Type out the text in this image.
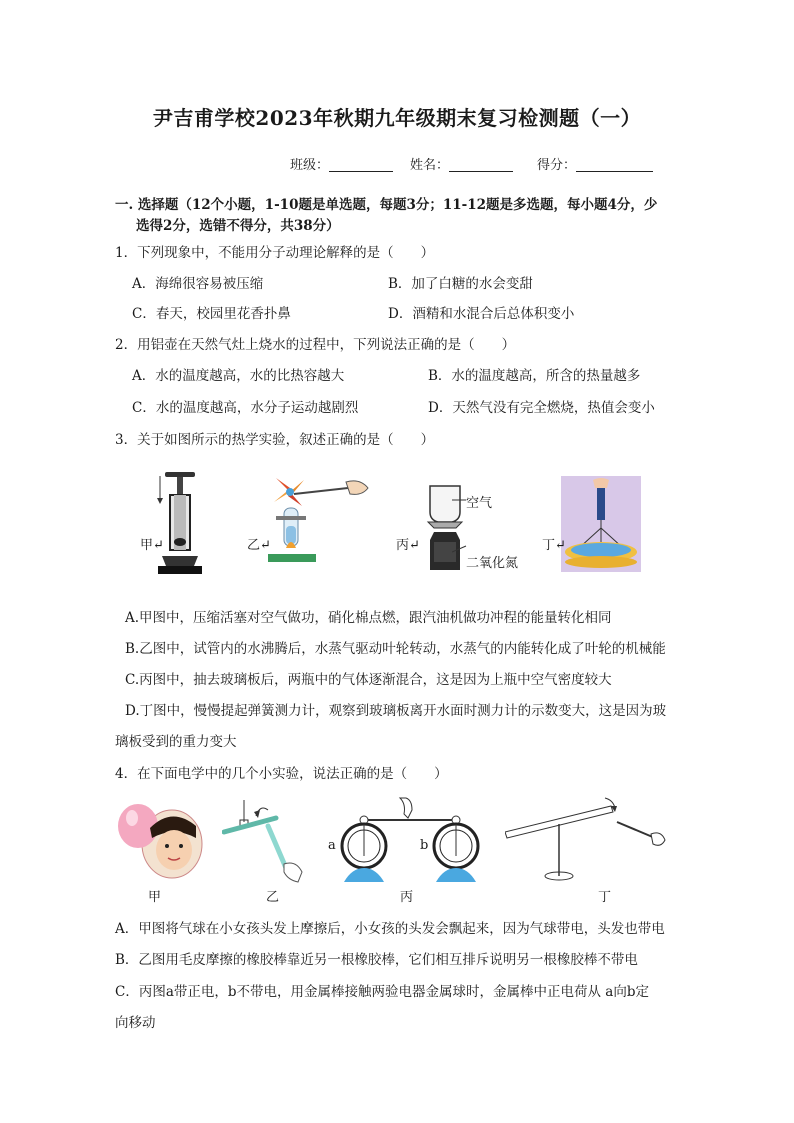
尹吉甫学校2023年秋期九年级期末复习检测题（一）
班级：	姓名：	得分：
一. 选择题（12个小题，1-10题是单选题，每题3分；11-12题是多选题，每小题4分，少
选得2分，选错不得分，共38分）
1．下列现象中，不能用分子动理论解释的是（　　）
A．海绵很容易被压缩	B．加了白糖的水会变甜
C．春天，校园里花香扑鼻	D．酒精和水混合后总体积变小
2．用铝壶在天然气灶上烧水的过程中，下列说法正确的是（　　）
A．水的温度越高，水的比热容越大	B．水的温度越高，所含的热量越多
C．水的温度越高，水分子运动越剧烈	D．天然气没有完全燃烧，热值会变小
3．关于如图所示的热学实验，叙述正确的是（　　）
甲↵	乙↵
空气
二氧化氮
丙↵	丁↵
A.甲图中，压缩活塞对空气做功，硝化棉点燃，跟汽油机做功冲程的能量转化相同
B.乙图中，试管内的水沸腾后，水蒸气驱动叶轮转动，水蒸气的内能转化成了叶轮的机械能
C.丙图中，抽去玻璃板后，两瓶中的气体逐渐混合，这是因为上瓶中空气密度较大
D.丁图中，慢慢提起弹簧测力计，观察到玻璃板离开水面时测力计的示数变大，这是因为玻
璃板受到的重力变大
4．在下面电学中的几个小实验，说法正确的是（　　）
甲	乙
a	b
丙	丁
A．甲图将气球在小女孩头发上摩擦后，小女孩的头发会飘起来，因为气球带电，头发也带电
B．乙图用毛皮摩擦的橡胶棒靠近另一根橡胶棒，它们相互排斥说明另一根橡胶棒不带电
C．丙图a带正电，b不带电，用金属棒接触两验电器金属球时，金属棒中正电荷从 a向b定
向移动
